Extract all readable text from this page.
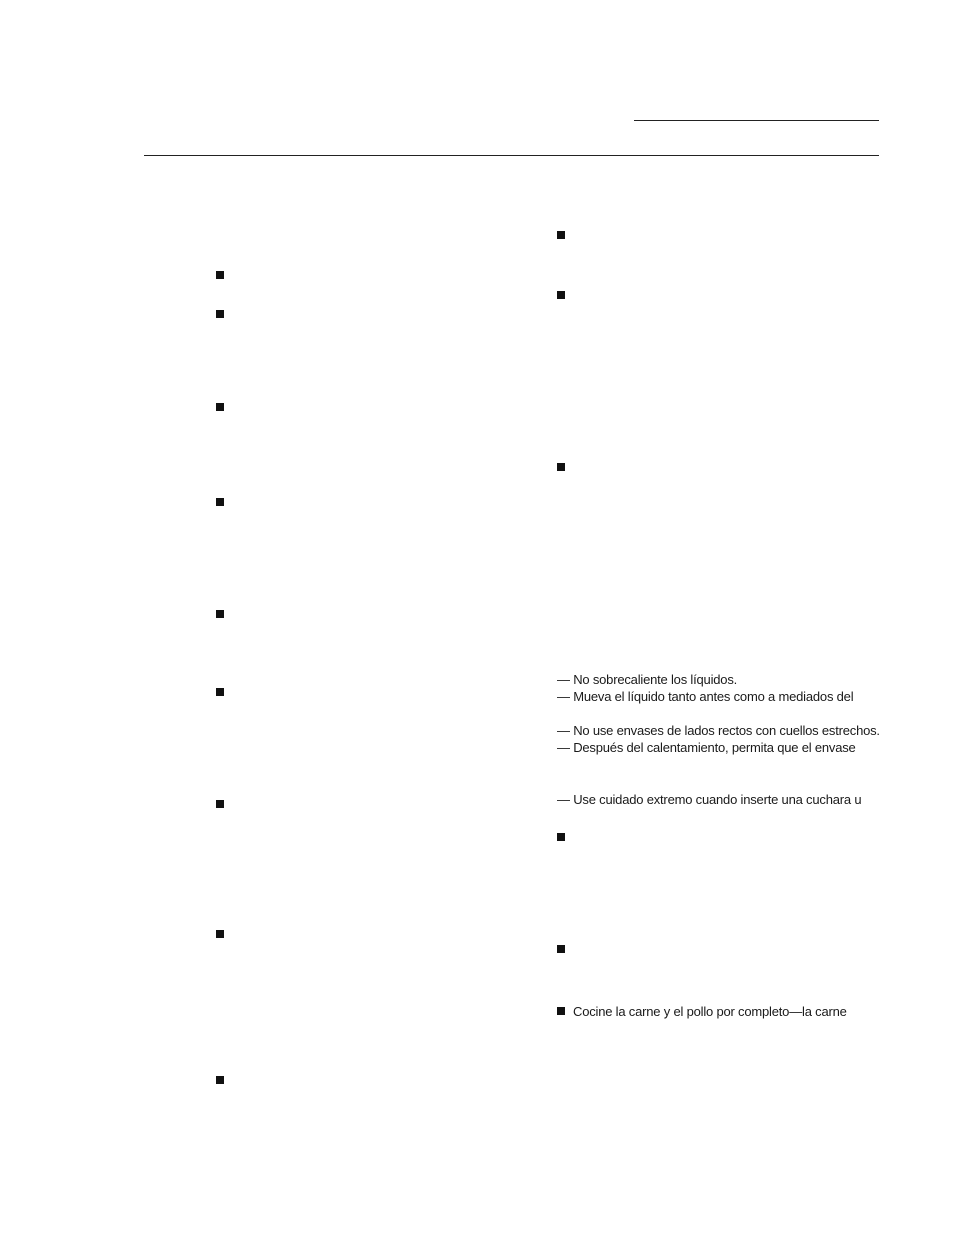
— No sobrecaliente los líquidos.
— Mueva el líquido tanto antes como a mediados del
— No use envases de lados rectos con cuellos estrechos.
— Después del calentamiento, permita que el envase
— Use cuidado extremo cuando inserte una cuchara u
Cocine la carne y el pollo por completo—la carne
